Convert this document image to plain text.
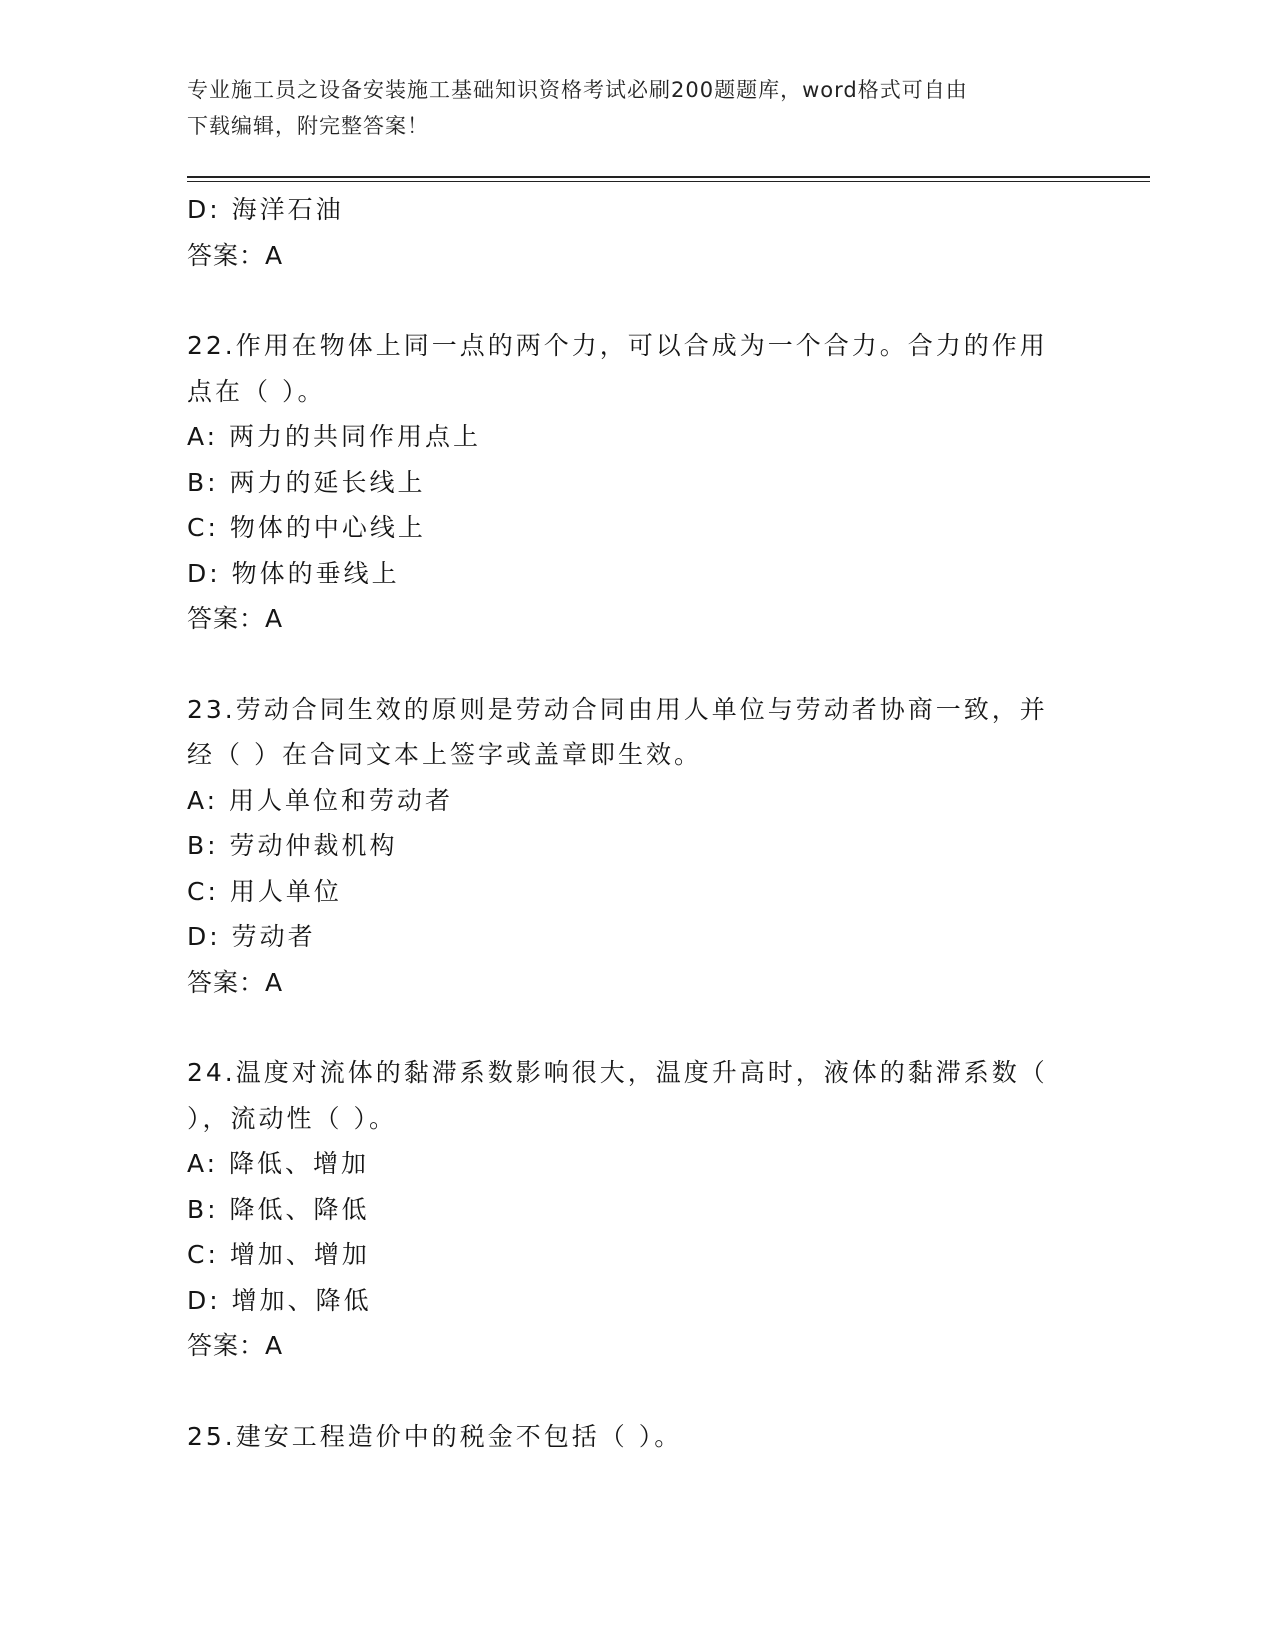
专业施工员之设备安装施工基础知识资格考试必刷200题题库，word格式可自由
下载编辑，附完整答案！
D: 海洋石油
答案：A
22.作用在物体上同一点的两个力，可以合成为一个合力。合力的作用
点在（ ）。
A: 两力的共同作用点上
B: 两力的延长线上
C: 物体的中心线上
D: 物体的垂线上
答案：A
23.劳动合同生效的原则是劳动合同由用人单位与劳动者协商一致，并
经（ ）在合同文本上签字或盖章即生效。
A: 用人单位和劳动者
B: 劳动仲裁机构
C: 用人单位
D: 劳动者
答案：A
24.温度对流体的黏滞系数影响很大，温度升高时，液体的黏滞系数（
），流动性（ ）。
A: 降低、增加
B: 降低、降低
C: 增加、增加
D: 增加、降低
答案：A
25.建安工程造价中的税金不包括（ ）。
